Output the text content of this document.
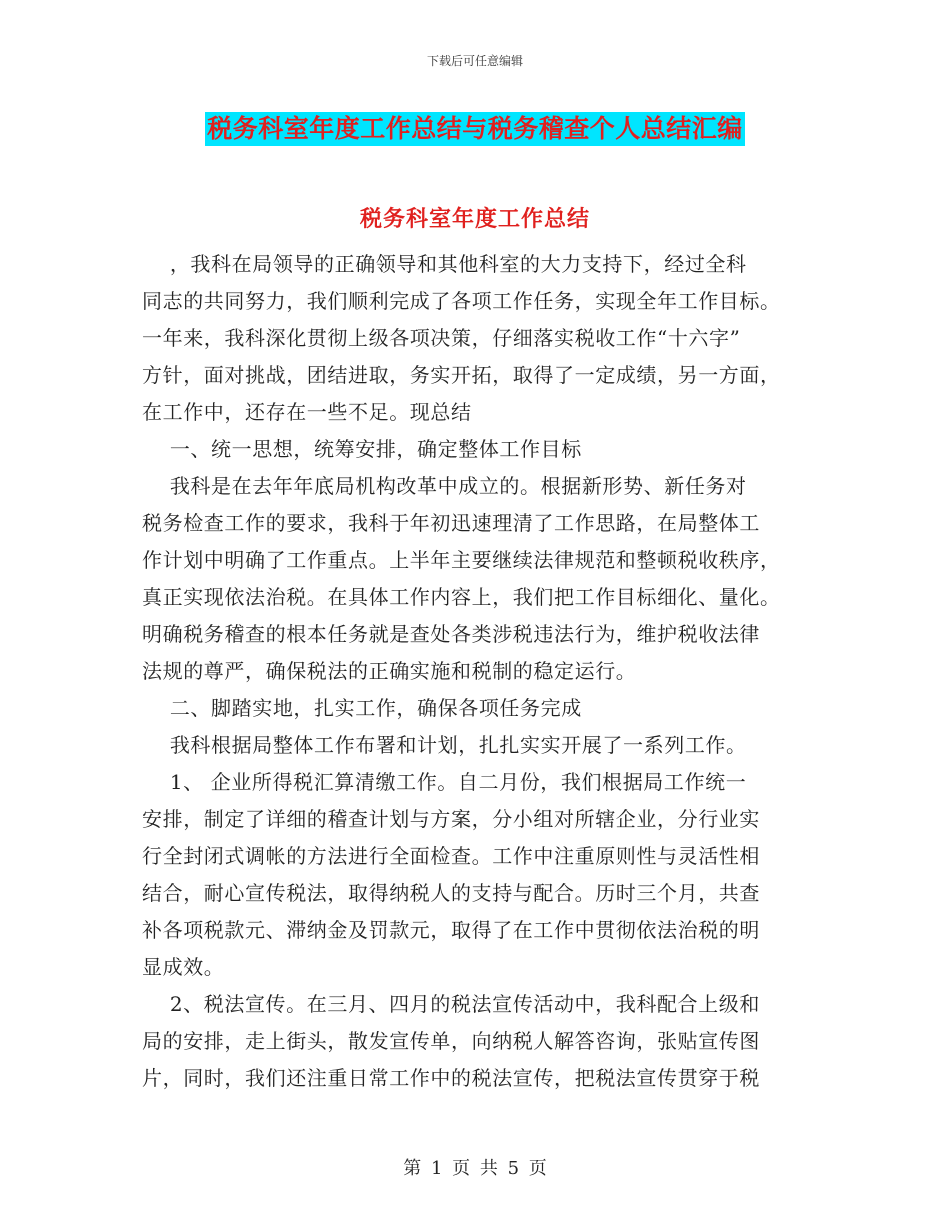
下载后可任意编辑
税务科室年度工作总结与税务稽查个人总结汇编
税务科室年度工作总结
，我科在局领导的正确领导和其他科室的大力支持下，经过全科
同志的共同努力，我们顺利完成了各项工作任务，实现全年工作目标。
一年来，我科深化贯彻上级各项决策，仔细落实税收工作“十六字”
方针，面对挑战，团结进取，务实开拓，取得了一定成绩，另一方面，
在工作中，还存在一些不足。现总结
一、统一思想，统筹安排，确定整体工作目标
我科是在去年年底局机构改革中成立的。根据新形势、新任务对
税务检查工作的要求，我科于年初迅速理清了工作思路，在局整体工
作计划中明确了工作重点。上半年主要继续法律规范和整顿税收秩序，
真正实现依法治税。在具体工作内容上，我们把工作目标细化、量化。
明确税务稽查的根本任务就是查处各类涉税违法行为，维护税收法律
法规的尊严，确保税法的正确实施和税制的稳定运行。
二、脚踏实地，扎实工作，确保各项任务完成
我科根据局整体工作布署和计划，扎扎实实开展了一系列工作。
1、 企业所得税汇算清缴工作。自二月份，我们根据局工作统一
安排，制定了详细的稽查计划与方案，分小组对所辖企业，分行业实
行全封闭式调帐的方法进行全面检查。工作中注重原则性与灵活性相
结合，耐心宣传税法，取得纳税人的支持与配合。历时三个月，共查
补各项税款元、滞纳金及罚款元，取得了在工作中贯彻依法治税的明
显成效。
2、税法宣传。在三月、四月的税法宣传活动中，我科配合上级和
局的安排，走上街头，散发宣传单，向纳税人解答咨询，张贴宣传图
片，同时，我们还注重日常工作中的税法宣传，把税法宣传贯穿于税
第 1 页 共 5 页
